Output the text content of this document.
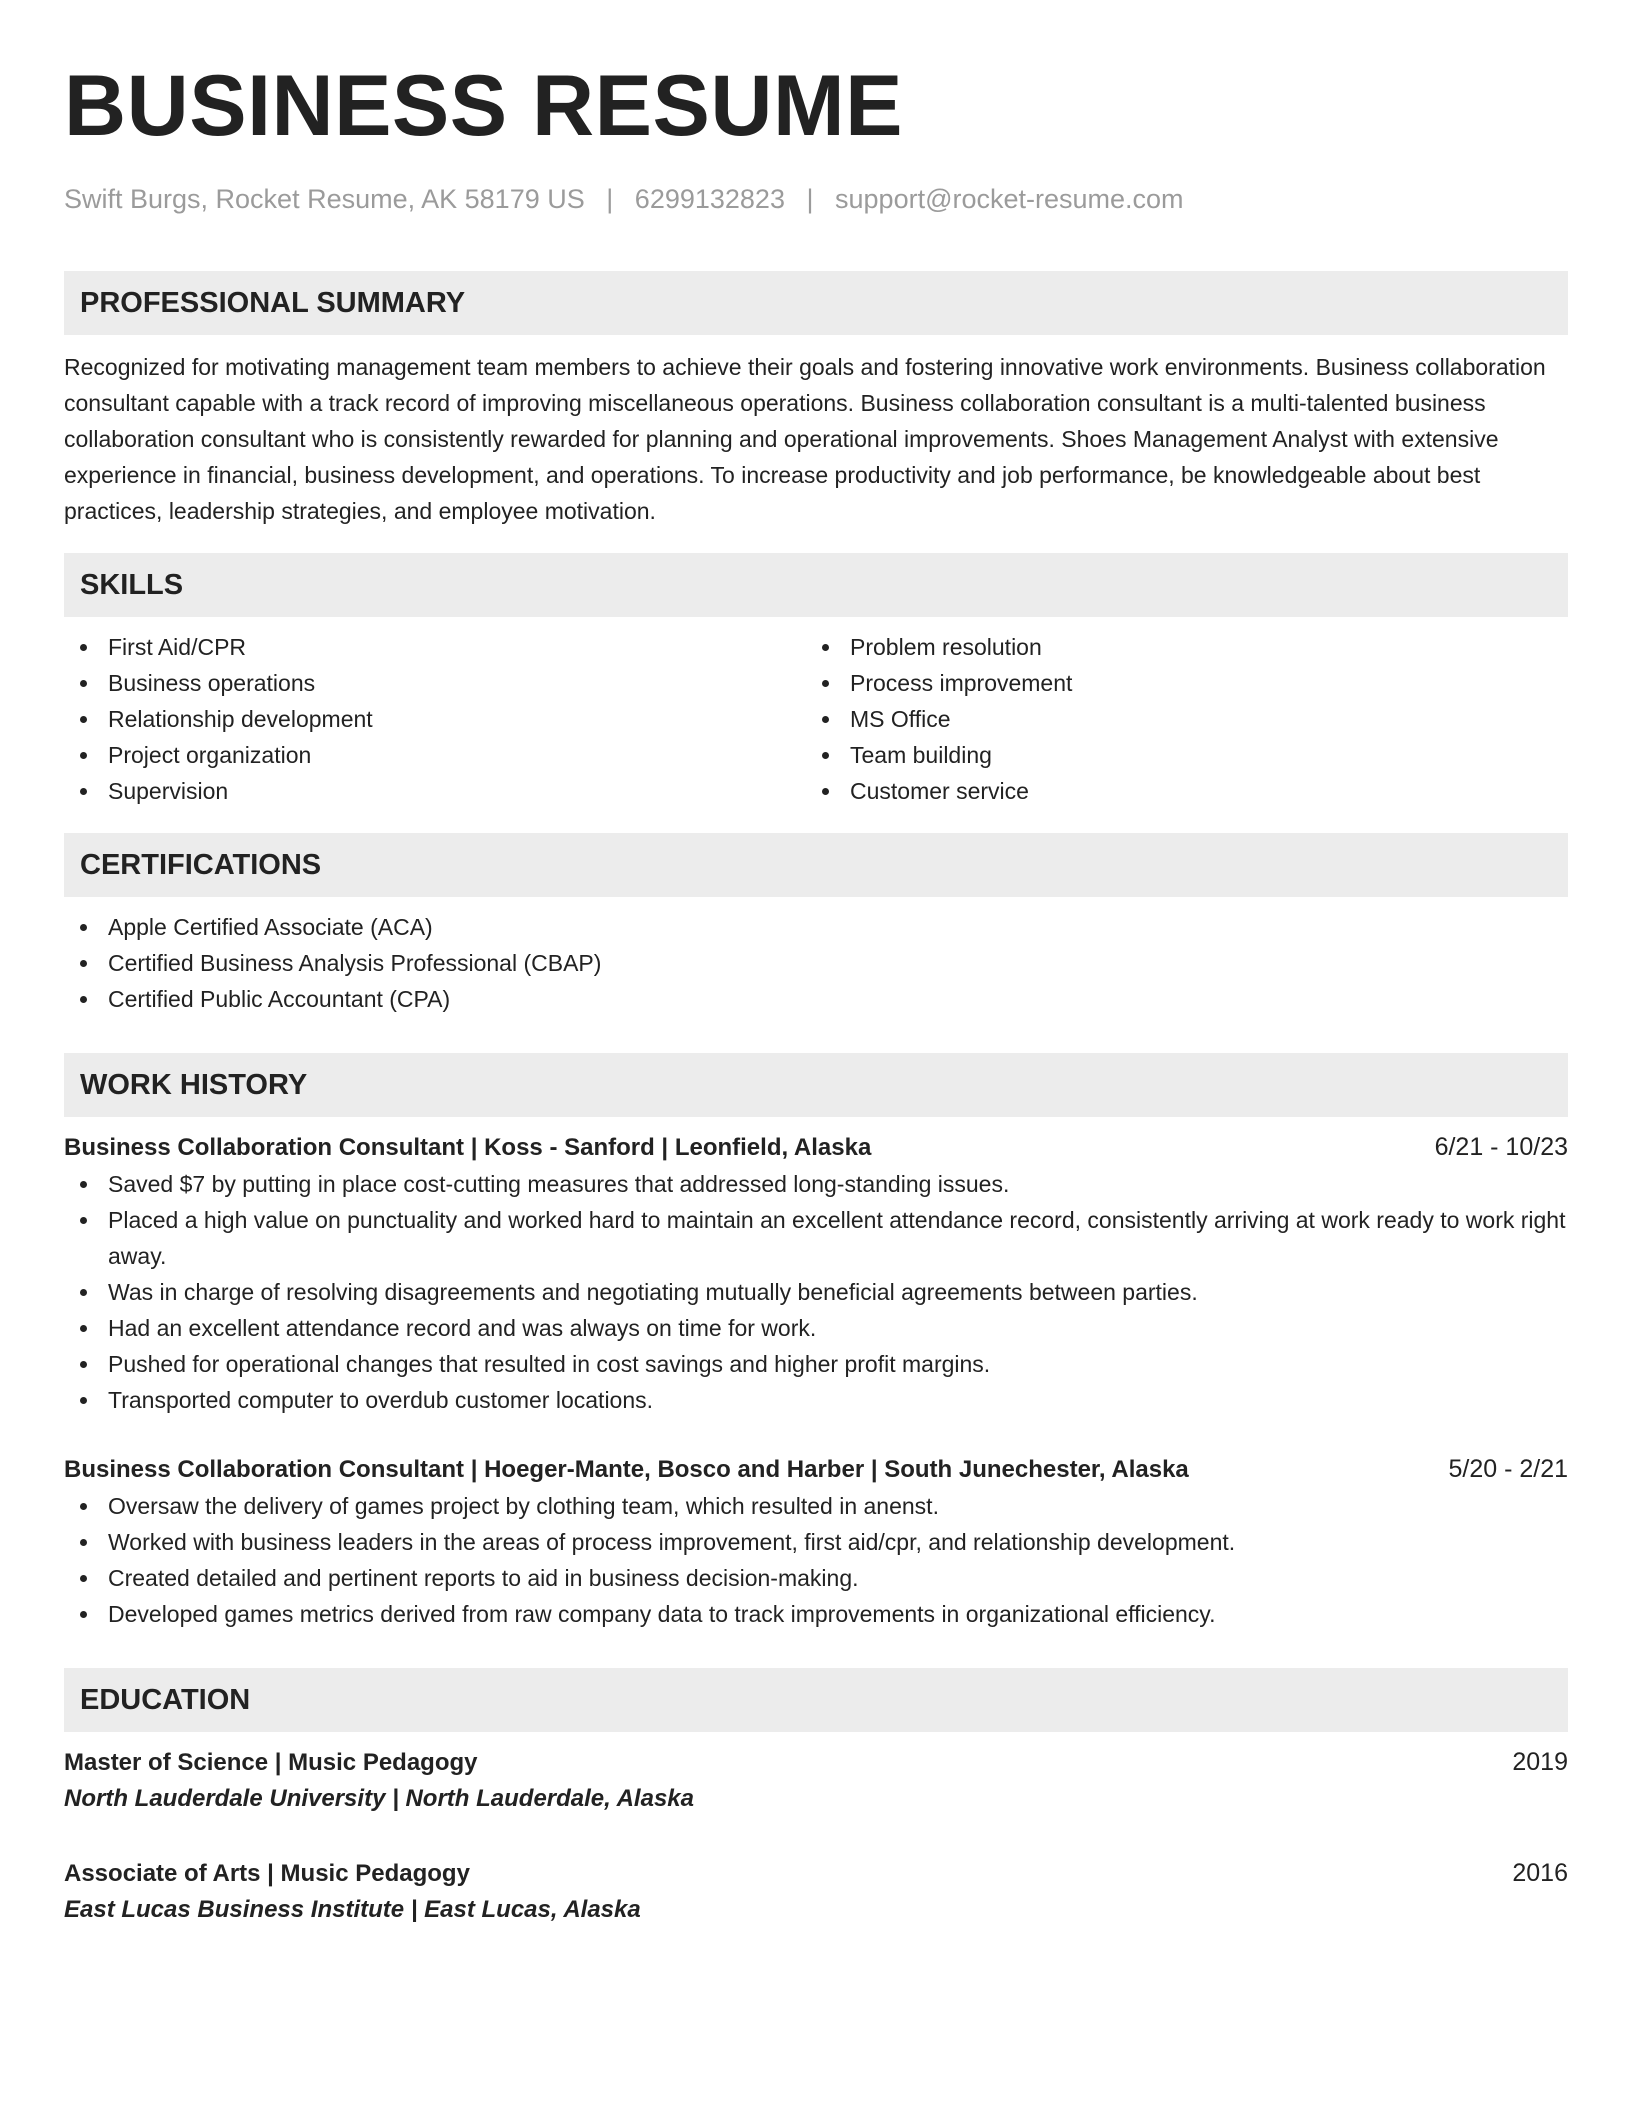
BUSINESS RESUME
Swift Burgs, Rocket Resume, AK 58179 US | 6299132823 | support@rocket-resume.com
PROFESSIONAL SUMMARY
Recognized for motivating management team members to achieve their goals and fostering innovative work environments. Business collaboration consultant capable with a track record of improving miscellaneous operations. Business collaboration consultant is a multi-talented business collaboration consultant who is consistently rewarded for planning and operational improvements. Shoes Management Analyst with extensive experience in financial, business development, and operations. To increase productivity and job performance, be knowledgeable about best practices, leadership strategies, and employee motivation.
SKILLS
First Aid/CPR
Business operations
Relationship development
Project organization
Supervision
Problem resolution
Process improvement
MS Office
Team building
Customer service
CERTIFICATIONS
Apple Certified Associate (ACA)
Certified Business Analysis Professional (CBAP)
Certified Public Accountant (CPA)
WORK HISTORY
Business Collaboration Consultant | Koss - Sanford | Leonfield, Alaska	6/21 - 10/23
Saved $7 by putting in place cost-cutting measures that addressed long-standing issues.
Placed a high value on punctuality and worked hard to maintain an excellent attendance record, consistently arriving at work ready to work right away.
Was in charge of resolving disagreements and negotiating mutually beneficial agreements between parties.
Had an excellent attendance record and was always on time for work.
Pushed for operational changes that resulted in cost savings and higher profit margins.
Transported computer to overdub customer locations.
Business Collaboration Consultant | Hoeger-Mante, Bosco and Harber | South Junechester, Alaska	5/20 - 2/21
Oversaw the delivery of games project by clothing team, which resulted in anenst.
Worked with business leaders in the areas of process improvement, first aid/cpr, and relationship development.
Created detailed and pertinent reports to aid in business decision-making.
Developed games metrics derived from raw company data to track improvements in organizational efficiency.
EDUCATION
Master of Science | Music Pedagogy	2019
North Lauderdale University | North Lauderdale, Alaska
Associate of Arts | Music Pedagogy	2016
East Lucas Business Institute | East Lucas, Alaska
